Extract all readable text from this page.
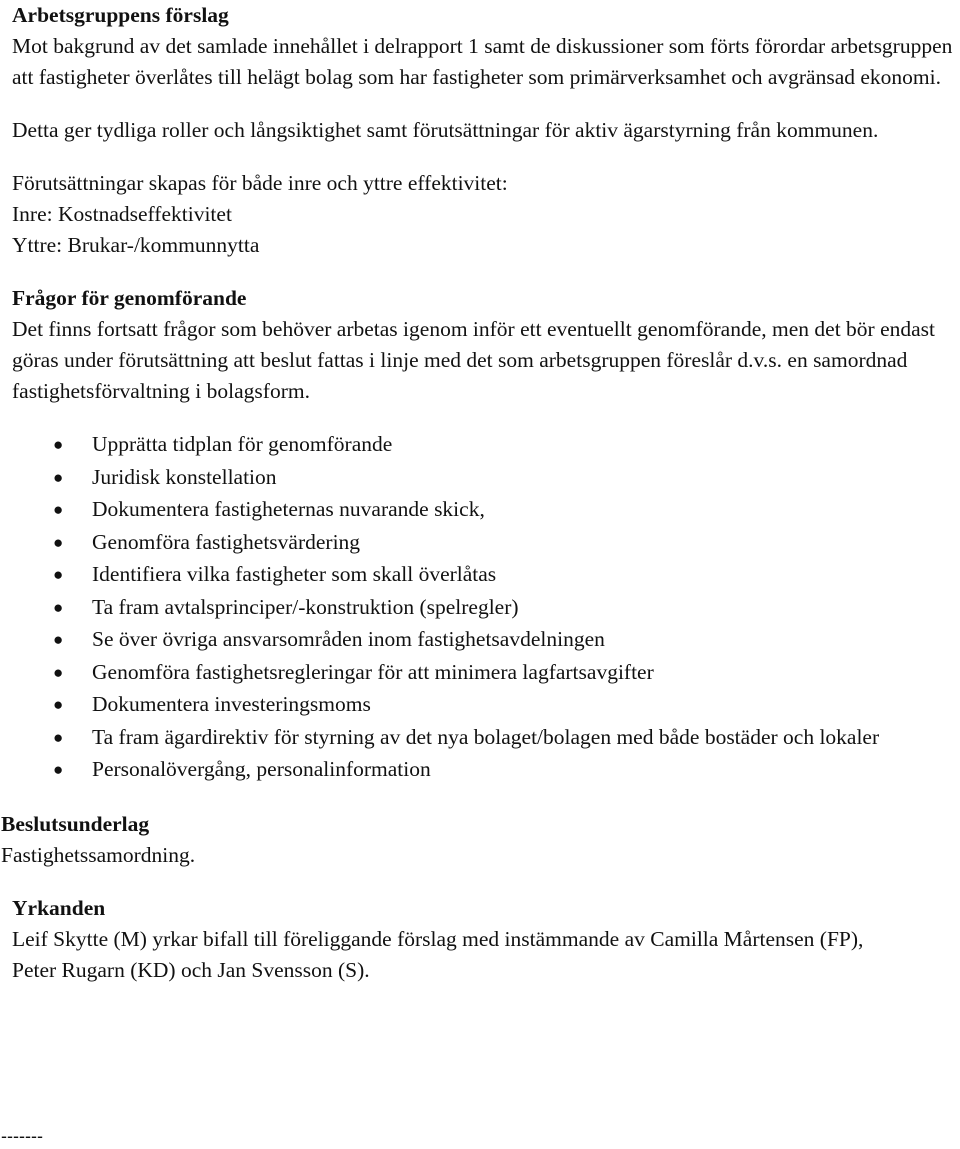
Arbetsgruppens förslag

Mot bakgrund av det samlade innehållet i delrapport 1 samt de diskussioner som förts förordar arbetsgruppen att fastigheter överlåtes till helägt bolag som har fastigheter som primärverksamhet och avgränsad ekonomi.

Detta ger tydliga roller och långsiktighet samt förutsättningar för aktiv ägarstyrning från kommunen.

Förutsättningar skapas för både inre och yttre effektivitet:

Inre: Kostnadseffektivitet

Yttre: Brukar-/kommunnytta

Frågor för genomförande

Det finns fortsatt frågor som behöver arbetas igenom inför ett eventuellt genomförande, men det bör endast göras under förutsättning att beslut fattas i linje med det som arbetsgruppen föreslår d.v.s. en samordnad fastighetsförvaltning i bolagsform.

● Upprätta tidplan för genomförande
● Juridisk konstellation
● Dokumentera fastigheternas nuvarande skick,
● Genomföra fastighetsvärdering
● Identifiera vilka fastigheter som skall överlåtas
● Ta fram avtalsprinciper/-konstruktion (spelregler)
● Se över övriga ansvarsområden inom fastighetsavdelningen
● Genomföra fastighetsregleringar för att minimera lagfartsavgifter
● Dokumentera investeringsmoms
● Ta fram ägardirektiv för styrning av det nya bolaget/bolagen med både bostäder och lokaler
● Personalövergång, personalinformation
Beslutsunderlag

Fastighetssamordning.

Yrkanden

Leif Skytte (M) yrkar bifall till föreliggande förslag med instämmande av Camilla Mårtensen (FP), Peter Rugarn (KD) och Jan Svensson (S).

-------
